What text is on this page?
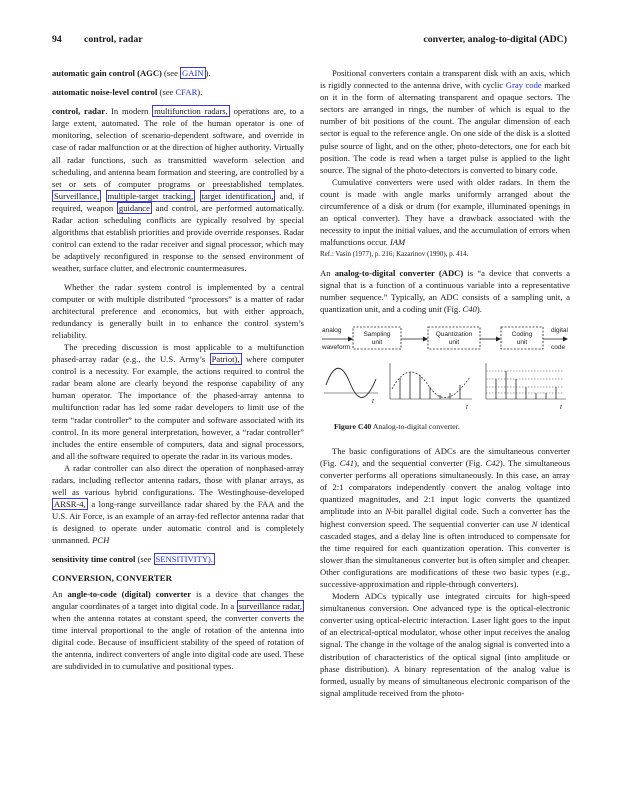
94 control, radar	converter, analog-to-digital (ADC)

automatic gain control (AGC) (see GAIN ).

automatic noise-level control (see CFAR).

control, radar. In modern multifunction radars, operations are, to a large extent, automated. The role of the human operator is one of monitoring, selection of scenario-dependent software, and override in case of radar malfunction or at the direction of higher authority. Virtually all radar functions, such as transmitted waveform selection and scheduling, and antenna beam formation and steering, are controlled by a set or sets of computer programs or preestablished templates. Surveillance, multiple-target tracking, target identification, and, if required, weapon guidance and control, are performed automatically. Radar action scheduling conflicts are typically resolved by special algorithms that establish priorities and provide override responses. Radar control can extend to the radar receiver and signal processor, which may be adaptively reconfigured in response to the sensed environment of weather, surface clutter, and electronic countermeasures.

Whether the radar system control is implemented by a central computer or with multiple distributed “processors” is a matter of radar architectural preference and economics, but with either approach, redundancy is generally built in to enhance the control system’s reliability.

The preceding discussion is most applicable to a multifunction phased-array radar (e.g., the U.S. Army’s Patriot), where computer control is a necessity. For example, the actions required to control the radar beam alone are clearly beyond the response capability of any human operator. The importance of the phased-array antenna to multifunction radar has led some radar developers to limit use of the term “radar controller” to the computer and software associated with its control. In its more general interpretation, however, a “radar controller” includes the entire ensemble of computers, data and signal processors, and all the software required to operate the radar in its various modes.

A radar controller can also direct the operation of nonphased-array radars, including reflector antenna radars, those with planar arrays, as well as various hybrid configurations. The Westinghouse-developed ARSR-4, a long-range surveillance radar shared by the FAA and the U.S. Air Force, is an example of an array-fed reflector antenna radar that is designed to operate under automatic control and is completely unmanned. PCH

sensitivity time control (see SENSITIVITY).

CONVERSION, CONVERTER

An angle-to-code (digital) converter is a device that changes the angular coordinates of a target into digital code. In a surveillance radar, when the antenna rotates at constant speed, the converter converts the time interval proportional to the angle of rotation of the antenna into digital code. Because of insufficient stability of the speed of rotation of the antenna, indirect converters of angle into digital code are used. These are subdivided in to cumulative and positional types.

Positional converters contain a transparent disk with an axis, which is rigidly connected to the antenna drive, with cyclic Gray code marked on it in the form of alternating transparent and opaque sectors. The sectors are arranged in rings, the number of which is equal to the number of bit positions of the count. The angular dimension of each sector is equal to the reference angle. On one side of the disk is a slotted pulse source of light, and on the other, photo-detectors, one for each bit position. The code is read when a target pulse is applied to the light source. The signal of the photo-detectors is converted to binary code.

Cumulative converters were used with older radars. In them the count is made with angle marks uniformly arranged about the circumference of a disk or drum (for example, illuminated openings in an optical converter). They have a drawback associated with the necessity to input the initial values, and the accumulation of errors when malfunctions occur. IAM

Ref.: Vasin (1977), p. 216; Kazarinov (1990), p. 414.

An analog-to-digital converter (ADC) is “a device that converts a signal that is a function of a continuous variable into a representative number sequence.” Typically, an ADC consists of a sampling unit, a quantization unit, and a coding unit (Fig. C40).

analog
waveform
Sampling
unit
Quantization
unit
Coding
unit
digital
code
t
t	t

Figure C40 Analog-to-digital converter.

The basic configurations of ADCs are the simultaneous converter (Fig. C41), and the sequential converter (Fig. C42). The simultaneous converter performs all operations simultaneously. In this case, an array of 2:1 comparators independently convert the analog voltage into quantized magnitudes, and 2:1 input logic converts the quantized amplitude into an N-bit parallel digital code. Such a converter has the highest conversion speed. The sequential converter can use N identical cascaded stages, and a delay line is often introduced to compensate for the time required for each quantization operation. This converter is slower than the simultaneous converter but is often simpler and cheaper. Other configurations are modifications of these two basic types (e.g., successive-approximation and ripple-through converters).

Modern ADCs typically use integrated circuits for high-speed simultaneous conversion. One advanced type is the optical-electronic converter using optical-electric interaction. Laser light goes to the input of an electrical-optical modulator, whose other input receives the analog signal. The change in the voltage of the analog signal is converted into a distribution of characteristics of the optical signal (into amplitude or phase distribution). A binary representation of the analog value is formed, usually by means of simultaneous electronic comparison of the signal amplitude received from the photo-
